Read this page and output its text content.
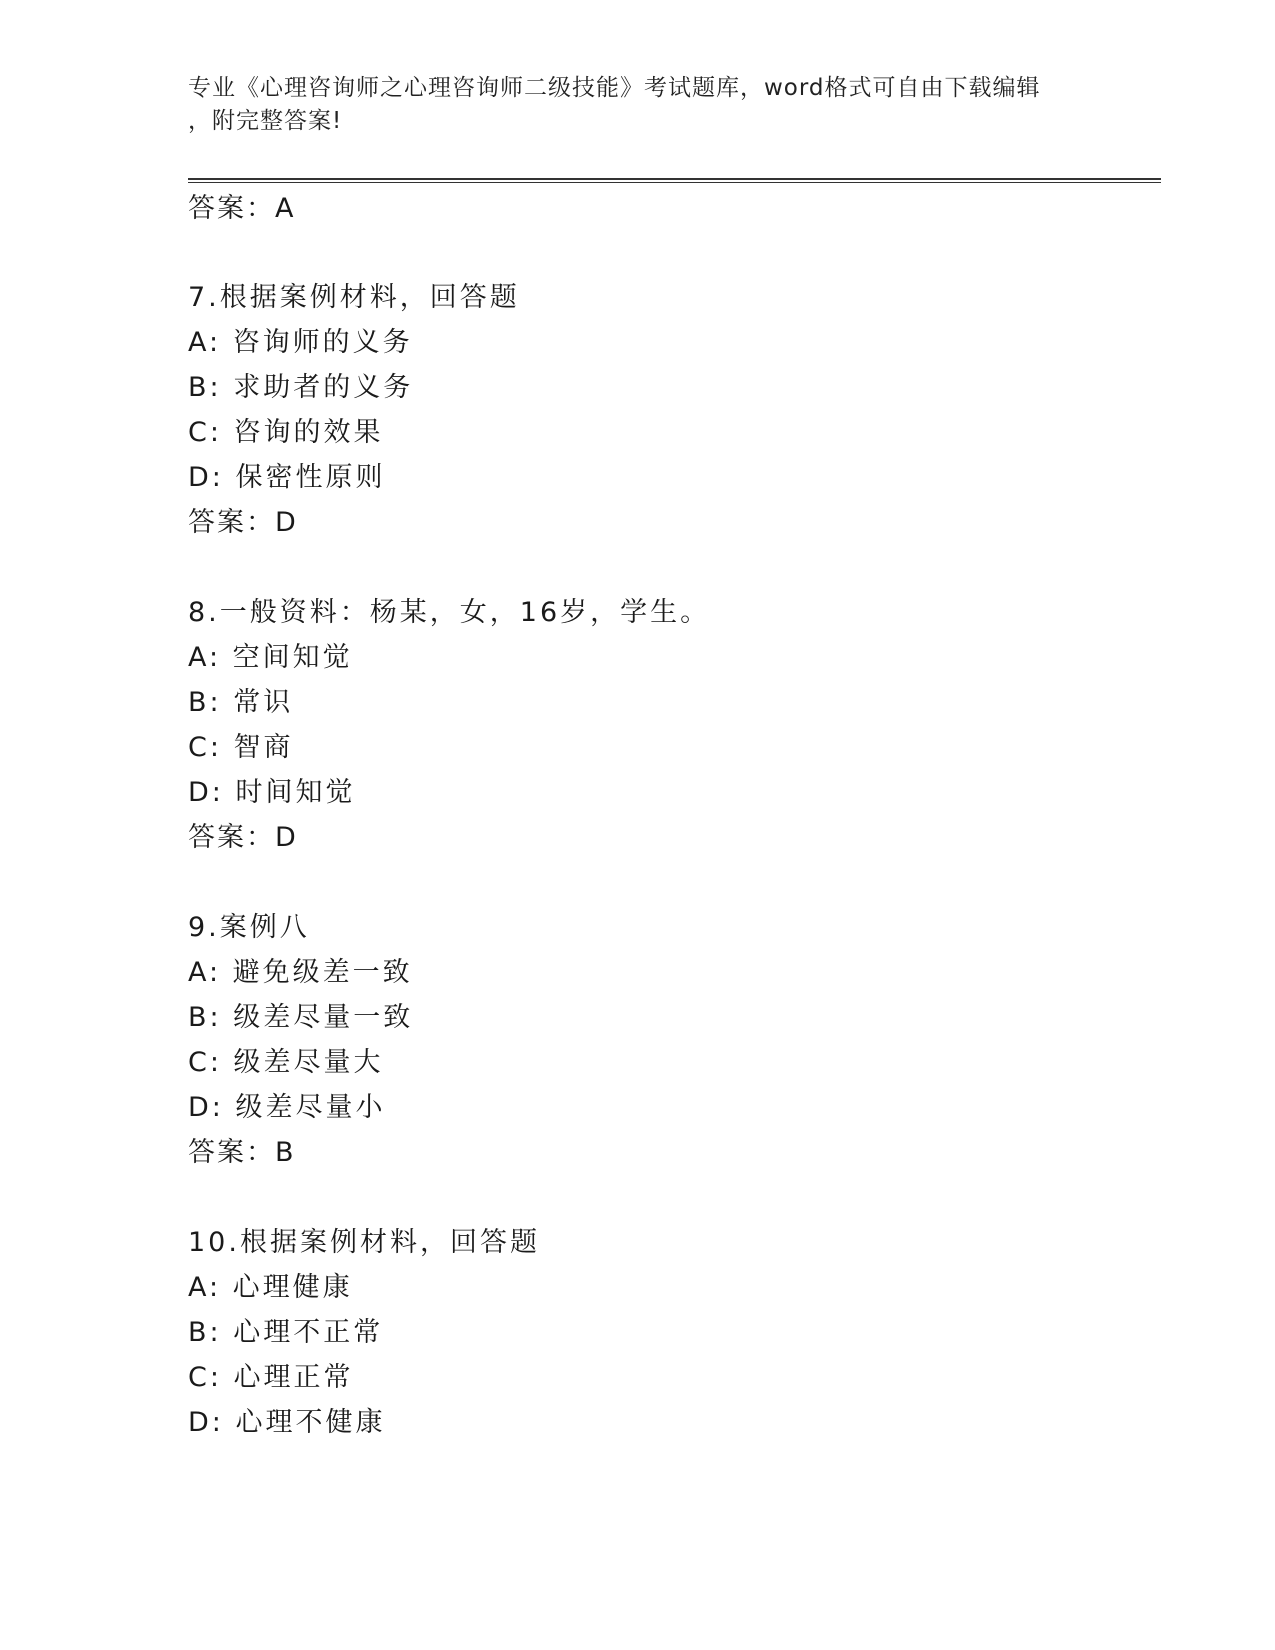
专业《心理咨询师之心理咨询师二级技能》考试题库，word格式可自由下载编辑
，附完整答案!
答案：A
7.根据案例材料，回答题
A: 咨询师的义务
B: 求助者的义务
C: 咨询的效果
D: 保密性原则
答案：D
8.一般资料：杨某，女，16岁，学生。
A: 空间知觉
B: 常识
C: 智商
D: 时间知觉
答案：D
9.案例八
A: 避免级差一致
B: 级差尽量一致
C: 级差尽量大
D: 级差尽量小
答案：B
10.根据案例材料，回答题
A: 心理健康
B: 心理不正常
C: 心理正常
D: 心理不健康
